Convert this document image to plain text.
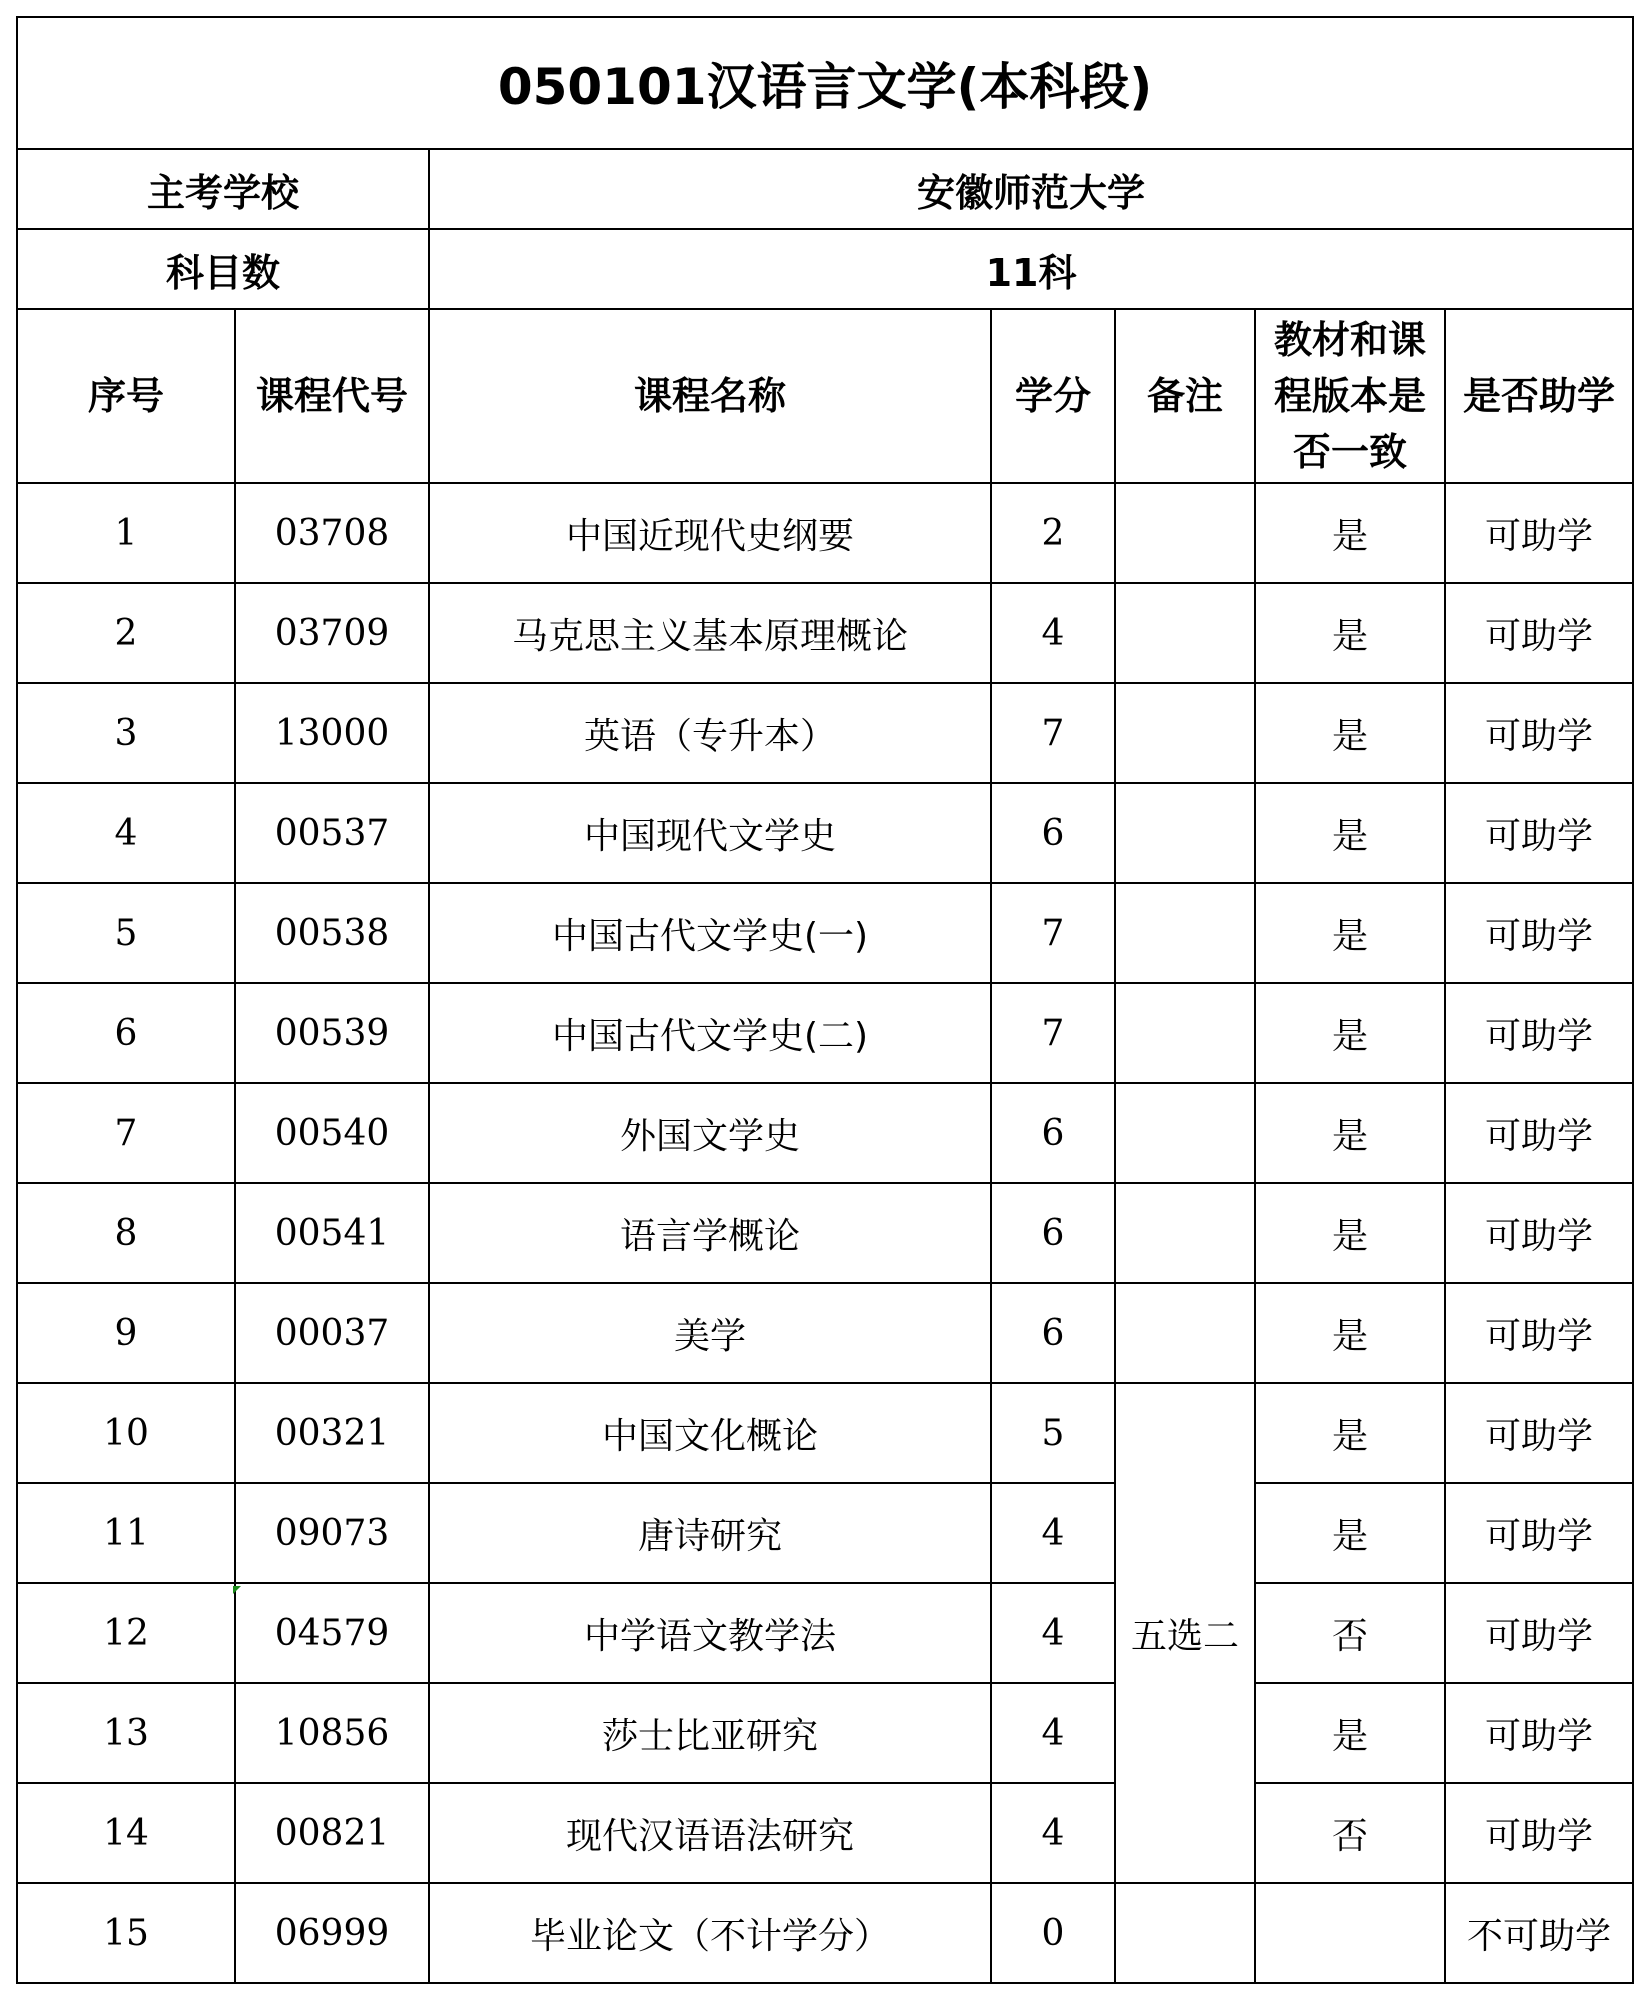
050101汉语言文学(本科段)						
主考学校		安徽师范大学				
科目数		11科				
序号	课程代号	课程名称	学分	备注	教材和课程版本是否一致	是否助学
1	03708	中国近现代史纲要	2		是	可助学
2	03709	马克思主义基本原理概论	4		是	可助学
3	13000	英语（专升本）	7		是	可助学
4	00537	中国现代文学史	6		是	可助学
5	00538	中国古代文学史(一)	7		是	可助学
6	00539	中国古代文学史(二)	7		是	可助学
7	00540	外国文学史	6		是	可助学
8	00541	语言学概论	6		是	可助学
9	00037	美学	6		是	可助学
10	00321	中国文化概论	5	五选二	是	可助学
11	09073	唐诗研究	4		是	可助学
12	04579	中学语文教学法	4		否	可助学
13	10856	莎士比亚研究	4		是	可助学
14	00821	现代汉语语法研究	4		否	可助学
15	06999	毕业论文（不计学分）	0			不可助学
